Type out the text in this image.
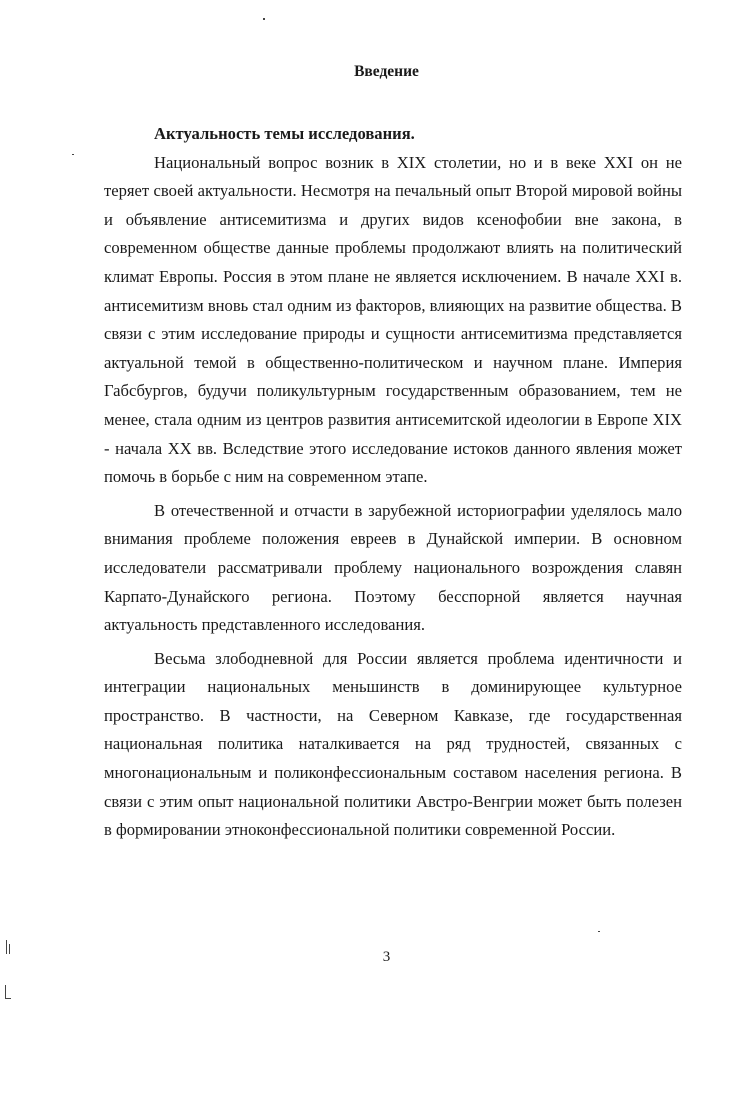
Введение

Актуальность темы исследования.

Национальный вопрос возник в XIX столетии, но и в веке XXI он не теряет своей актуальности. Несмотря на печальный опыт Второй мировой войны и объявление антисемитизма и других видов ксенофобии вне закона, в современном обществе данные проблемы продолжают влиять на политический климат Европы. Россия в этом плане не является исключением. В начале XXI в. антисемитизм вновь стал одним из факторов, влияющих на развитие общества. В связи с этим исследование природы и сущности антисемитизма представляется актуальной темой в общественно-политическом и научном плане. Империя Габсбургов, будучи поликультурным государственным образованием, тем не менее, стала одним из центров развития антисемитской идеологии в Европе XIX - начала XX вв. Вследствие этого исследование истоков данного явления может помочь в борьбе с ним на современном этапе.

В отечественной и отчасти в зарубежной историографии уделялось мало внимания проблеме положения евреев в Дунайской империи. В основном исследователи рассматривали проблему национального возрождения славян Карпато-Дунайского региона. Поэтому бесспорной является научная актуальность представленного исследования.

Весьма злободневной для России является проблема идентичности и интеграции национальных меньшинств в доминирующее культурное пространство. В частности, на Северном Кавказе, где государственная национальная политика наталкивается на ряд трудностей, связанных с многонациональным и поликонфессиональным составом населения региона. В связи с этим опыт национальной политики Австро-Венгрии может быть полезен в формировании этноконфессиональной политики современной России.

3
